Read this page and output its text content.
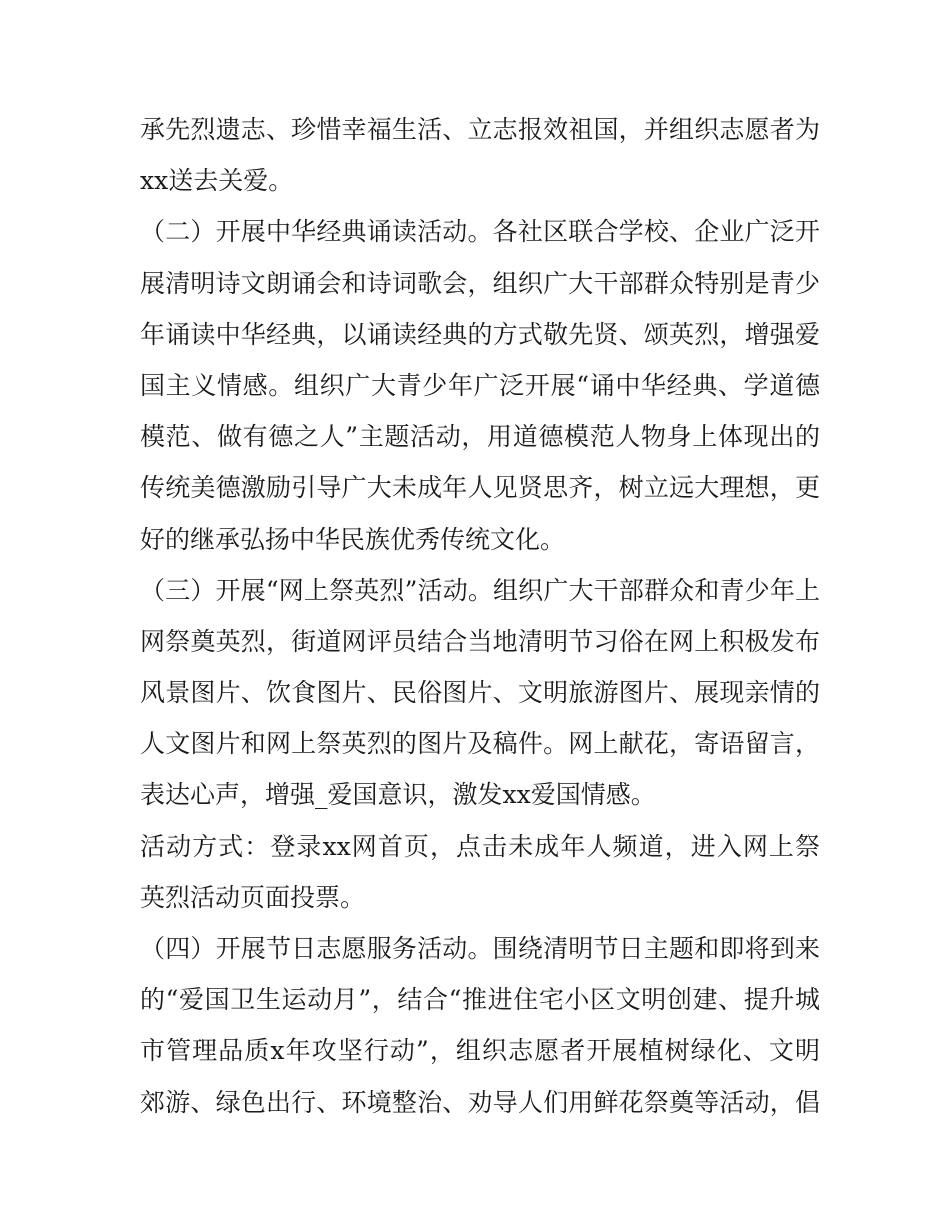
承先烈遗志、珍惜幸福生活、立志报效祖国，并组织志愿者为
xx送去关爱。
（二）开展中华经典诵读活动。各社区联合学校、企业广泛开
展清明诗文朗诵会和诗词歌会，组织广大干部群众特别是青少
年诵读中华经典，以诵读经典的方式敬先贤、颂英烈，增强爱
国主义情感。组织广大青少年广泛开展“诵中华经典、学道德
模范、做有德之人”主题活动，用道德模范人物身上体现出的
传统美德激励引导广大未成年人见贤思齐，树立远大理想，更
好的继承弘扬中华民族优秀传统文化。
（三）开展“网上祭英烈”活动。组织广大干部群众和青少年上
网祭奠英烈，街道网评员结合当地清明节习俗在网上积极发布
风景图片、饮食图片、民俗图片、文明旅游图片、展现亲情的
人文图片和网上祭英烈的图片及稿件。网上献花，寄语留言，
表达心声，增强_爱国意识，激发xx爱国情感。
活动方式：登录xx网首页，点击未成年人频道，进入网上祭
英烈活动页面投票。
（四）开展节日志愿服务活动。围绕清明节日主题和即将到来
的“爱国卫生运动月”，结合“推进住宅小区文明创建、提升城
市管理品质x年攻坚行动”，组织志愿者开展植树绿化、文明
郊游、绿色出行、环境整治、劝导人们用鲜花祭奠等活动，倡
